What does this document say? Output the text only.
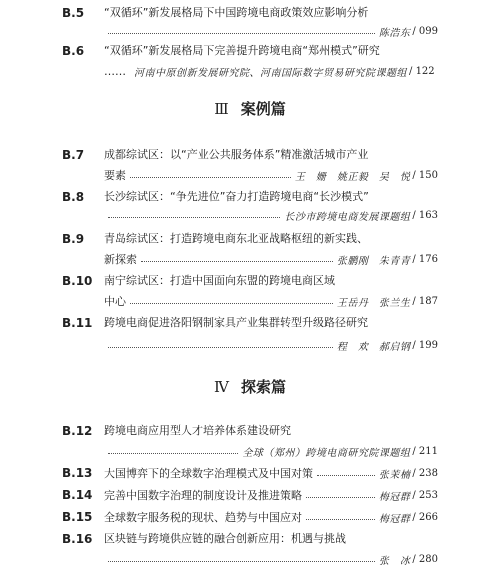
B.5 “双循环”新发展格局下中国跨境电商政策效应影响分析
陈浩东 / 099
B.6 “双循环”新发展格局下完善提升跨境电商“郑州模式”研究
…… 河南中原创新发展研究院、河南国际数字贸易研究院课题组 / 122
Ⅲ 案例篇
B.7 成都综试区：以“产业公共服务体系”精准激活城市产业
要素	王　姗　姚正毅　吴　悦 / 150
B.8 长沙综试区：“争先进位”奋力打造跨境电商“长沙模式”
长沙市跨境电商发展课题组 / 163
B.9 青岛综试区：打造跨境电商东北亚战略枢纽的新实践、
新探索	张鹏刚　朱青青 / 176
B.10 南宁综试区：打造中国面向东盟的跨境电商区域
中心	王岳丹　张兰生 / 187
B.11 跨境电商促进洛阳钢制家具产业集群转型升级路径研究
程　欢　郝启钢 / 199
Ⅳ 探索篇
B.12 跨境电商应用型人才培养体系建设研究
全球（郑州）跨境电商研究院课题组 / 211
B.13 大国博弈下的全球数字治理模式及中国对策	张茉楠 / 238
B.14 完善中国数字治理的制度设计及推进策略	梅冠群 / 253
B.15 全球数字服务税的现状、趋势与中国应对	梅冠群 / 266
B.16 区块链与跨境供应链的融合创新应用：机遇与挑战
张　冰 / 280
